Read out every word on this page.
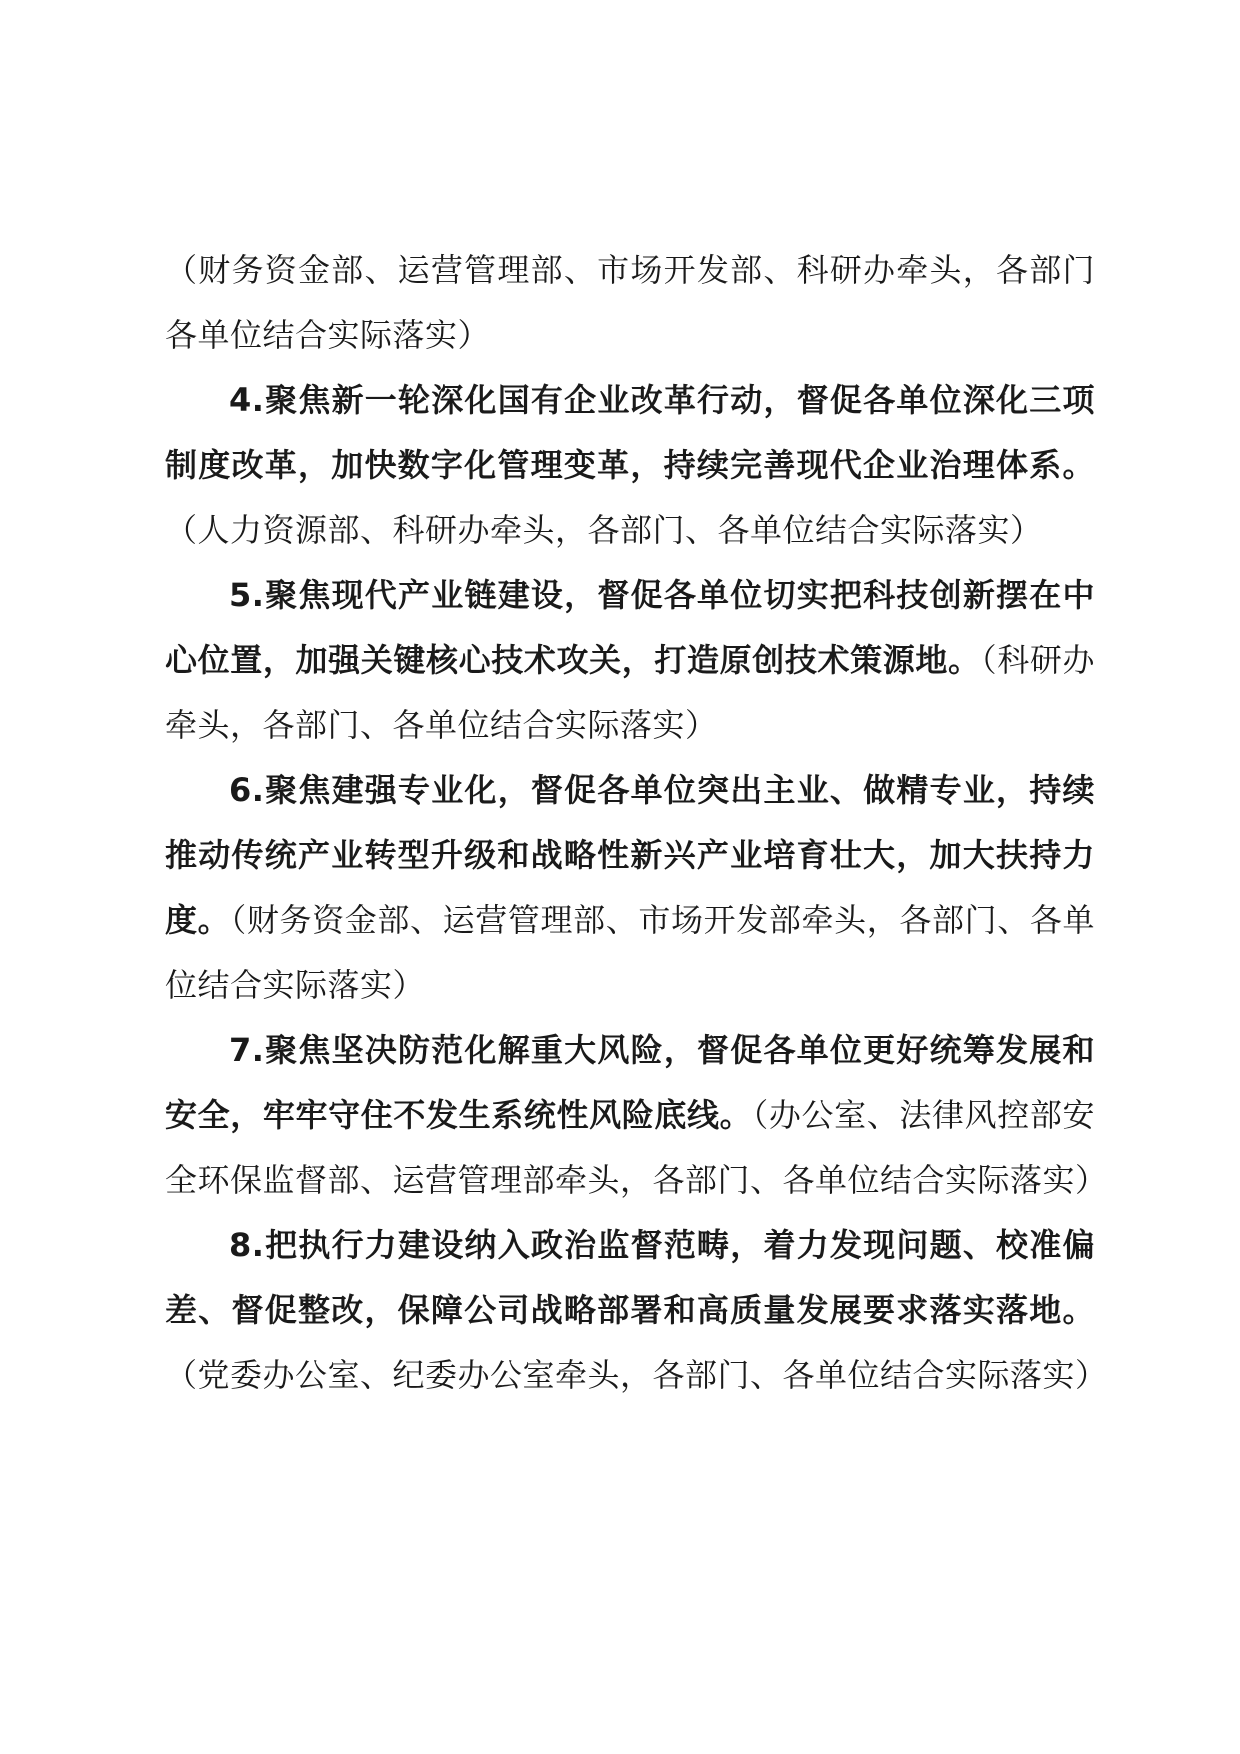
（财务资金部、运营管理部、市场开发部、科研办牵头，各部门各单位结合实际落实）

4.聚焦新一轮深化国有企业改革行动，督促各单位深化三项制度改革，加快数字化管理变革，持续完善现代企业治理体系。（人力资源部、科研办牵头，各部门、各单位结合实际落实）

5.聚焦现代产业链建设，督促各单位切实把科技创新摆在中心位置，加强关键核心技术攻关，打造原创技术策源地。（科研办牵头，各部门、各单位结合实际落实）

6.聚焦建强专业化，督促各单位突出主业、做精专业，持续推动传统产业转型升级和战略性新兴产业培育壮大，加大扶持力度。（财务资金部、运营管理部、市场开发部牵头，各部门、各单位结合实际落实）

7.聚焦坚决防范化解重大风险，督促各单位更好统筹发展和安全，牢牢守住不发生系统性风险底线。（办公室、法律风控部安全环保监督部、运营管理部牵头，各部门、各单位结合实际落实）

8.把执行力建设纳入政治监督范畴，着力发现问题、校准偏差、督促整改，保障公司战略部署和高质量发展要求落实落地。（党委办公室、纪委办公室牵头，各部门、各单位结合实际落实）
